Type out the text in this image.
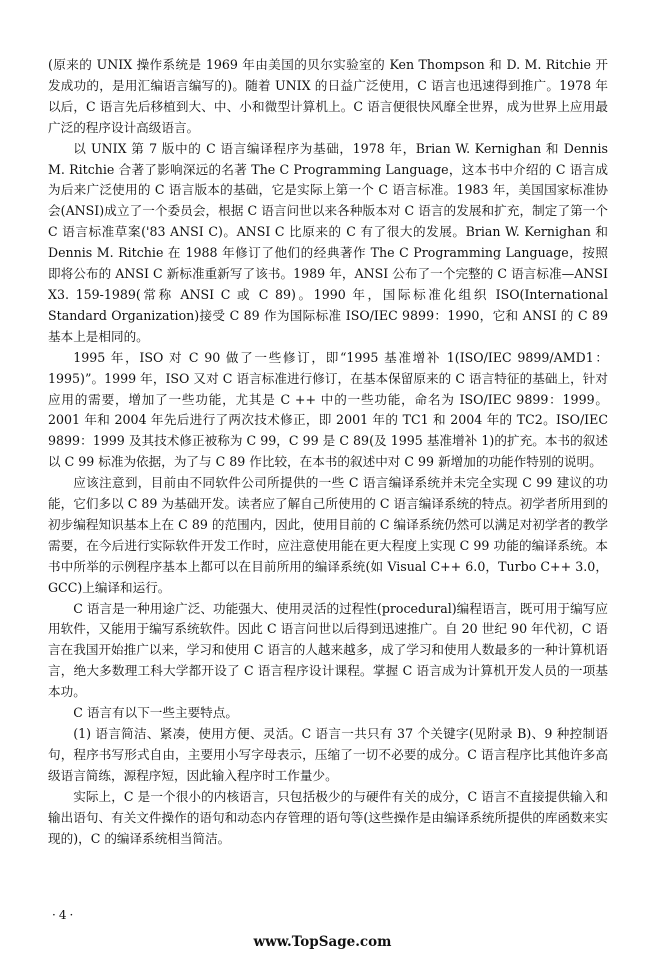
(原来的 UNIX 操作系统是 1969 年由美国的贝尔实验室的 Ken Thompson 和 D. M. Ritchie 开发成功的，是用汇编语言编写的)。随着 UNIX 的日益广泛使用，C 语言也迅速得到推广。1978 年以后，C 语言先后移植到大、中、小和微型计算机上。C 语言便很快风靡全世界，成为世界上应用最广泛的程序设计高级语言。

以 UNIX 第 7 版中的 C 语言编译程序为基础，1978 年，Brian W. Kernighan 和 Dennis M. Ritchie 合著了影响深远的名著 The C Programming Language，这本书中介绍的 C 语言成为后来广泛使用的 C 语言版本的基础，它是实际上第一个 C 语言标准。1983 年，美国国家标准协会(ANSI)成立了一个委员会，根据 C 语言问世以来各种版本对 C 语言的发展和扩充，制定了第一个 C 语言标准草案('83 ANSI C)。ANSI C 比原来的 C 有了很大的发展。Brian W. Kernighan 和 Dennis M. Ritchie 在 1988 年修订了他们的经典著作 The C Programming Language，按照即将公布的 ANSI C 新标准重新写了该书。1989 年，ANSI 公布了一个完整的 C 语言标准—ANSI X3. 159-1989(常称 ANSI C 或 C 89)。1990 年，国际标准化组织 ISO(International Standard Organization)接受 C 89 作为国际标准 ISO/IEC 9899：1990，它和 ANSI 的 C 89 基本上是相同的。

1995 年，ISO 对 C 90 做了一些修订，即“1995 基准增补 1(ISO/IEC 9899/AMD1：1995)”。1999 年，ISO 又对 C 语言标准进行修订，在基本保留原来的 C 语言特征的基础上，针对应用的需要，增加了一些功能，尤其是 C ++ 中的一些功能，命名为 ISO/IEC 9899：1999。2001 年和 2004 年先后进行了两次技术修正，即 2001 年的 TC1 和 2004 年的 TC2。ISO/IEC 9899：1999 及其技术修正被称为 C 99，C 99 是 C 89(及 1995 基准增补 1)的扩充。本书的叙述以 C 99 标准为依据，为了与 C 89 作比较，在本书的叙述中对 C 99 新增加的功能作特别的说明。

应该注意到，目前由不同软件公司所提供的一些 C 语言编译系统并未完全实现 C 99 建议的功能，它们多以 C 89 为基础开发。读者应了解自己所使用的 C 语言编译系统的特点。初学者所用到的初步编程知识基本上在 C 89 的范围内，因此，使用目前的 C 编译系统仍然可以满足对初学者的教学需要，在今后进行实际软件开发工作时，应注意使用能在更大程度上实现 C 99 功能的编译系统。本书中所举的示例程序基本上都可以在目前所用的编译系统(如 Visual C++ 6.0，Turbo C++ 3.0，GCC)上编译和运行。

C 语言是一种用途广泛、功能强大、使用灵活的过程性(procedural)编程语言，既可用于编写应用软件，又能用于编写系统软件。因此 C 语言问世以后得到迅速推广。自 20 世纪 90 年代初，C 语言在我国开始推广以来，学习和使用 C 语言的人越来越多，成了学习和使用人数最多的一种计算机语言，绝大多数理工科大学都开设了 C 语言程序设计课程。掌握 C 语言成为计算机开发人员的一项基本功。

C 语言有以下一些主要特点。

(1) 语言简洁、紧凑，使用方便、灵活。C 语言一共只有 37 个关键字(见附录 B)、9 种控制语句，程序书写形式自由，主要用小写字母表示，压缩了一切不必要的成分。C 语言程序比其他许多高级语言简练，源程序短，因此输入程序时工作量少。

实际上，C 是一个很小的内核语言，只包括极少的与硬件有关的成分，C 语言不直接提供输入和输出语句、有关文件操作的语句和动态内存管理的语句等(这些操作是由编译系统所提供的库函数来实现的)，C 的编译系统相当简洁。

·4·
www.TopSage.com
